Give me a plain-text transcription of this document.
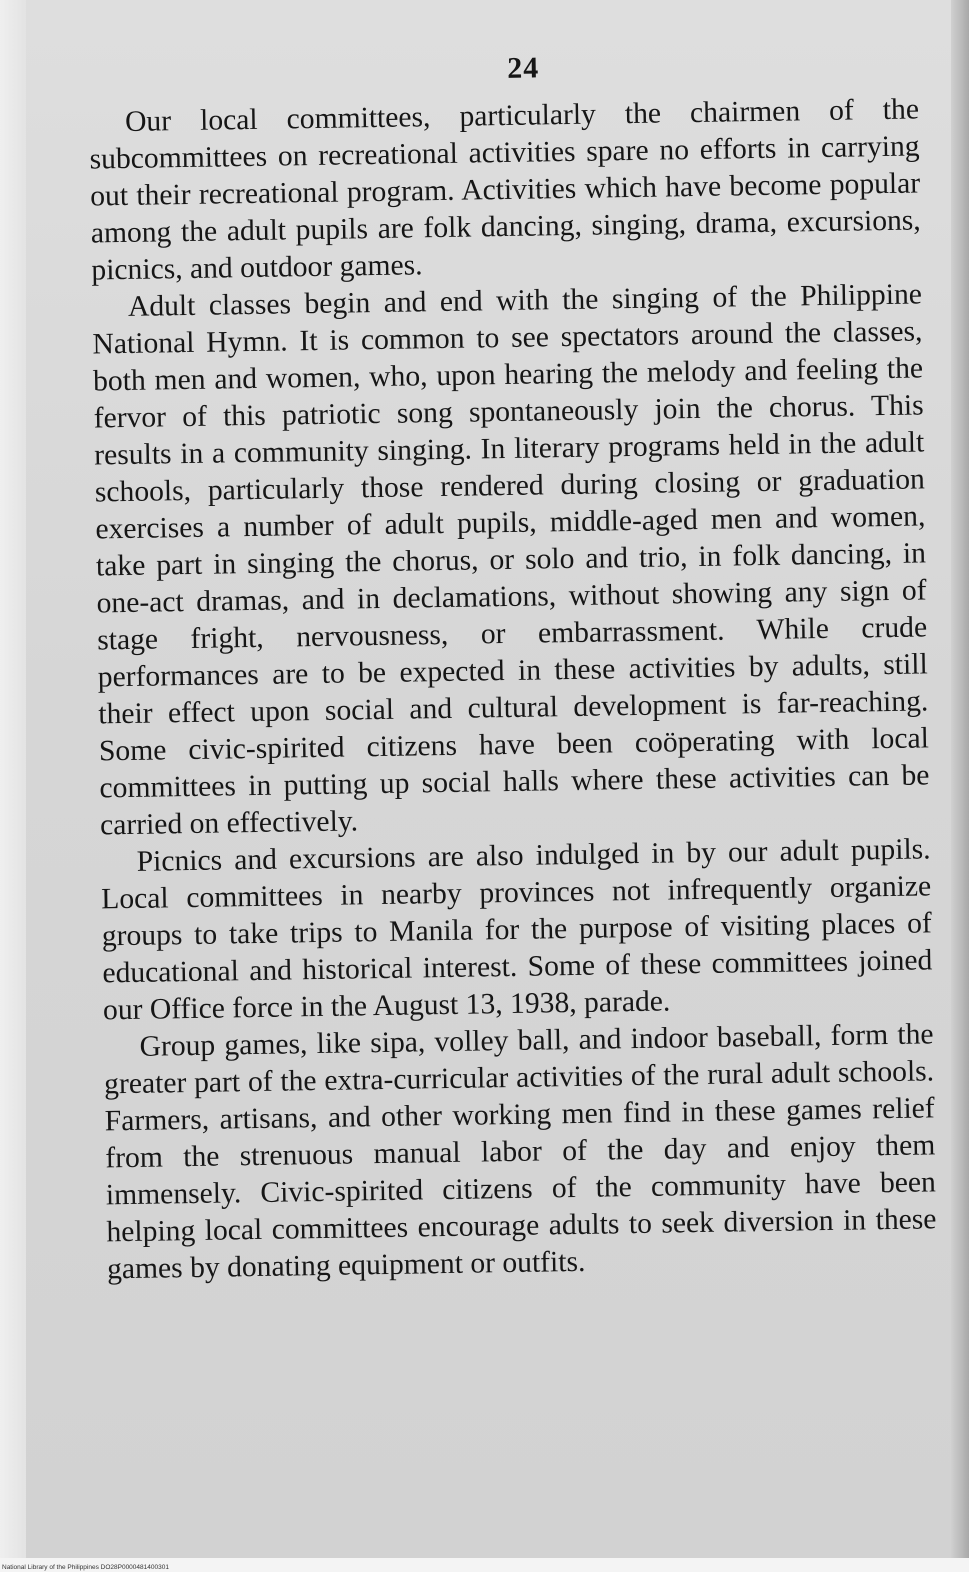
24

Our local committees, particularly the chairmen of the subcommittees on recreational activities spare no efforts in carrying out their recreational program. Activities which have become popular among the adult pupils are folk dancing, singing, drama, excursions, picnics, and outdoor games.

Adult classes begin and end with the singing of the Philippine National Hymn. It is common to see spectators around the classes, both men and women, who, upon hearing the melody and feeling the fervor of this patriotic song spontaneously join the chorus. This results in a community singing. In literary programs held in the adult schools, particularly those rendered during closing or graduation exercises a number of adult pupils, middle-aged men and women, take part in singing the chorus, or solo and trio, in folk dancing, in one-act dramas, and in declamations, without showing any sign of stage fright, nervousness, or embarrassment. While crude performances are to be expected in these activities by adults, still their effect upon social and cultural development is far-reaching. Some civic-spirited citizens have been coöperating with local committees in putting up social halls where these activities can be carried on effectively.

Picnics and excursions are also indulged in by our adult pupils. Local committees in nearby provinces not infrequently organize groups to take trips to Manila for the purpose of visiting places of educational and historical interest. Some of these committees joined our Office force in the August 13, 1938, parade.

Group games, like sipa, volley ball, and indoor baseball, form the greater part of the extra-curricular activities of the rural adult schools. Farmers, artisans, and other working men find in these games relief from the strenuous manual labor of the day and enjoy them immensely. Civic-spirited citizens of the community have been helping local committees encourage adults to seek diversion in these games by donating equipment or outfits.

National Library of the Philippines DO28P0000481400301
